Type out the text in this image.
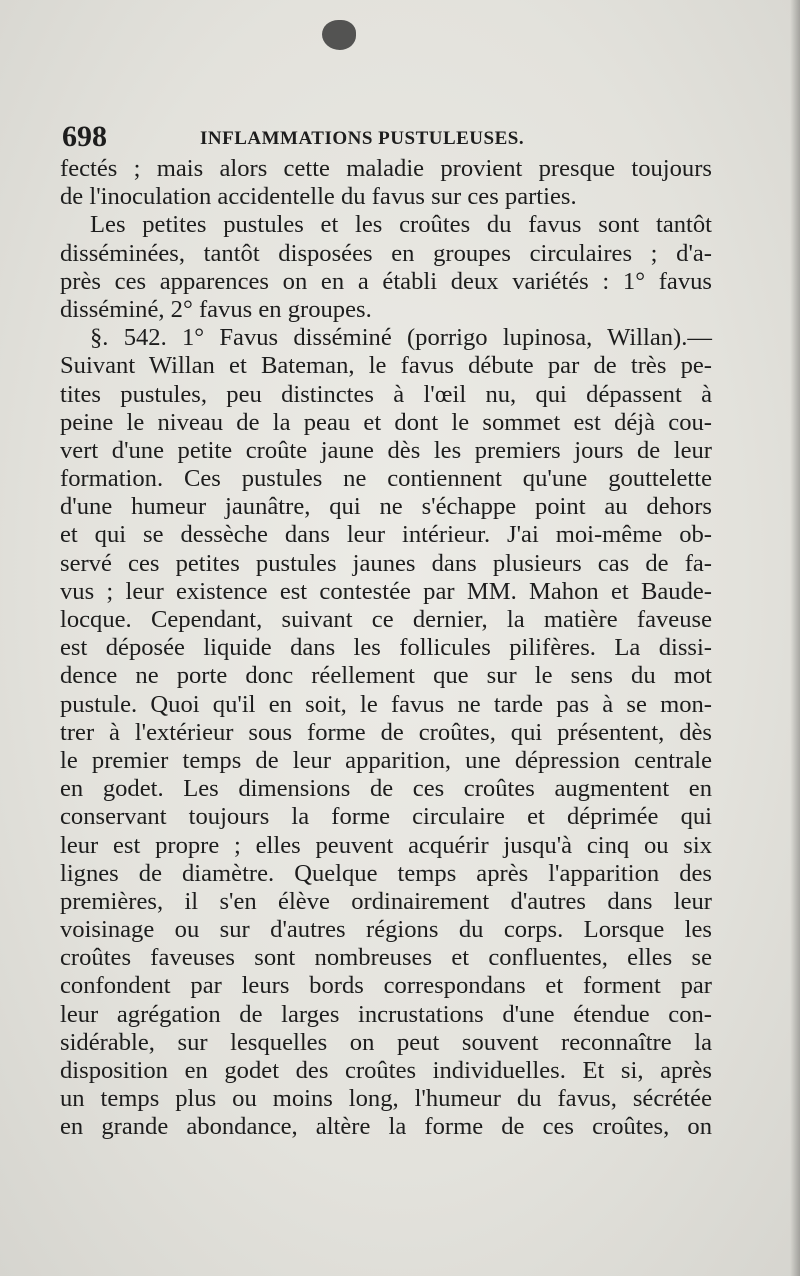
698	INFLAMMATIONS PUSTULEUSES.
fectés ; mais alors cette maladie provient presque toujours
de l'inoculation accidentelle du favus sur ces parties.
Les petites pustules et les croûtes du favus sont tantôt
disséminées, tantôt disposées en groupes circulaires ; d'a-
près ces apparences on en a établi deux variétés : 1° favus
disséminé, 2° favus en groupes.
§. 542. 1° Favus disséminé (porrigo lupinosa, Willan).—
Suivant Willan et Bateman, le favus débute par de très pe-
tites pustules, peu distinctes à l'œil nu, qui dépassent à
peine le niveau de la peau et dont le sommet est déjà cou-
vert d'une petite croûte jaune dès les premiers jours de leur
formation. Ces pustules ne contiennent qu'une gouttelette
d'une humeur jaunâtre, qui ne s'échappe point au dehors
et qui se dessèche dans leur intérieur. J'ai moi-même ob-
servé ces petites pustules jaunes dans plusieurs cas de fa-
vus ; leur existence est contestée par MM. Mahon et Baude-
locque. Cependant, suivant ce dernier, la matière faveuse
est déposée liquide dans les follicules pilifères. La dissi-
dence ne porte donc réellement que sur le sens du mot
pustule. Quoi qu'il en soit, le favus ne tarde pas à se mon-
trer à l'extérieur sous forme de croûtes, qui présentent, dès
le premier temps de leur apparition, une dépression centrale
en godet. Les dimensions de ces croûtes augmentent en
conservant toujours la forme circulaire et déprimée qui
leur est propre ; elles peuvent acquérir jusqu'à cinq ou six
lignes de diamètre. Quelque temps après l'apparition des
premières, il s'en élève ordinairement d'autres dans leur
voisinage ou sur d'autres régions du corps. Lorsque les
croûtes faveuses sont nombreuses et confluentes, elles se
confondent par leurs bords correspondans et forment par
leur agrégation de larges incrustations d'une étendue con-
sidérable, sur lesquelles on peut souvent reconnaître la
disposition en godet des croûtes individuelles. Et si, après
un temps plus ou moins long, l'humeur du favus, sécrétée
en grande abondance, altère la forme de ces croûtes, on
